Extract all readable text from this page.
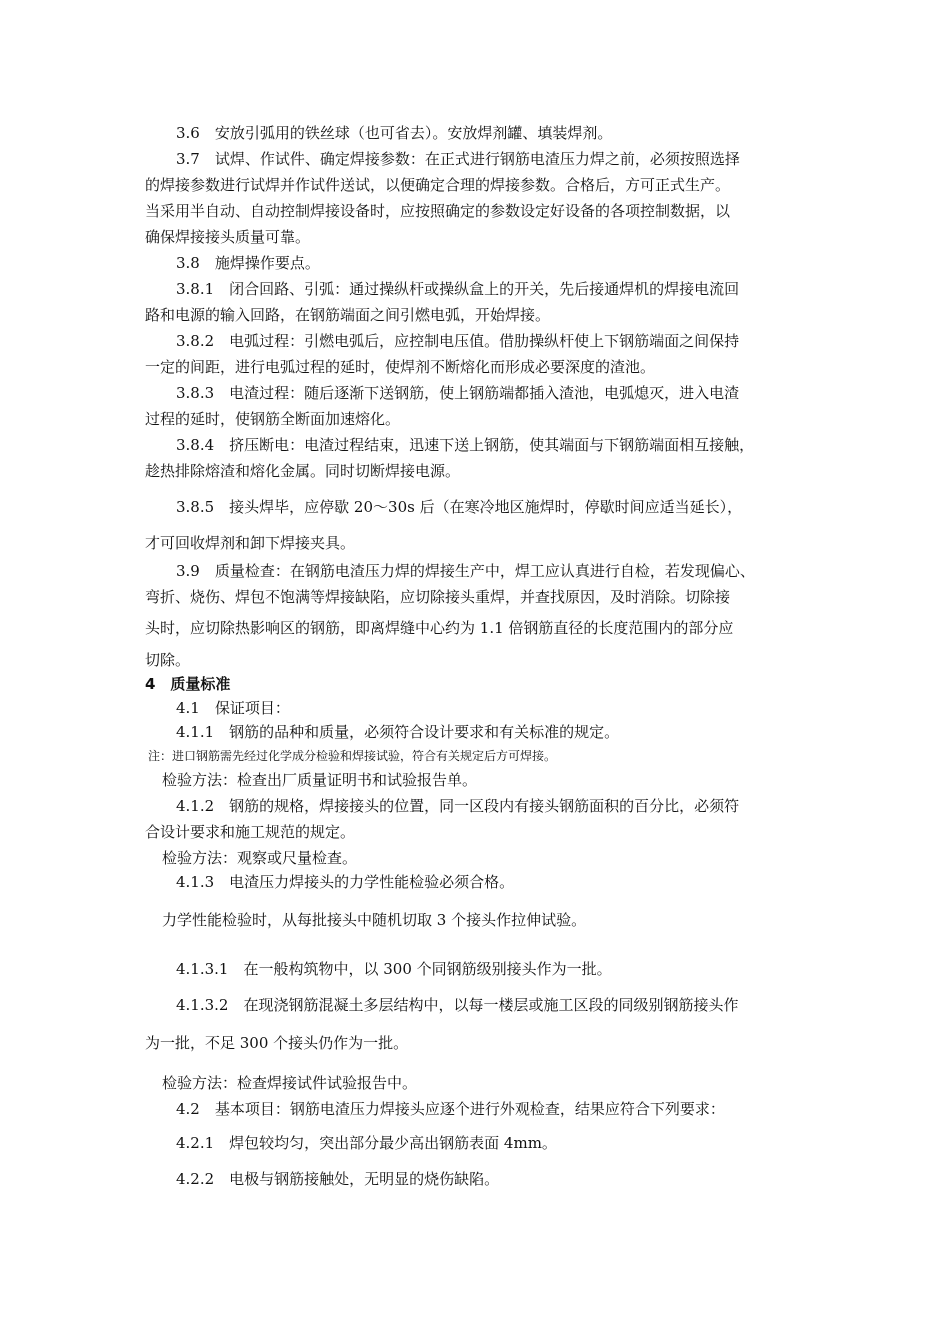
3.6　安放引弧用的铁丝球（也可省去）。安放焊剂罐、填装焊剂。
3.7　试焊、作试件、确定焊接参数：在正式进行钢筋电渣压力焊之前，必须按照选择
的焊接参数进行试焊并作试件送试，以便确定合理的焊接参数。合格后，方可正式生产。
当采用半自动、自动控制焊接设备时，应按照确定的参数设定好设备的各项控制数据，以
确保焊接接头质量可靠。
3.8　施焊操作要点。
3.8.1　闭合回路、引弧：通过操纵杆或操纵盒上的开关，先后接通焊机的焊接电流回
路和电源的输入回路，在钢筋端面之间引燃电弧，开始焊接。
3.8.2　电弧过程：引燃电弧后，应控制电压值。借肋操纵杆使上下钢筋端面之间保持
一定的间距，进行电弧过程的延时，使焊剂不断熔化而形成必要深度的渣池。
3.8.3　电渣过程：随后逐渐下送钢筋，使上钢筋端都插入渣池，电弧熄灭，进入电渣
过程的延时，使钢筋全断面加速熔化。
3.8.4　挤压断电：电渣过程结束，迅速下送上钢筋，使其端面与下钢筋端面相互接触，
趁热排除熔渣和熔化金属。同时切断焊接电源。
3.8.5　接头焊毕，应停歇 20～30s 后（在寒冷地区施焊时，停歇时间应适当延长），
才可回收焊剂和卸下焊接夹具。
3.9　质量检查：在钢筋电渣压力焊的焊接生产中，焊工应认真进行自检，若发现偏心、
弯折、烧伤、焊包不饱满等焊接缺陷，应切除接头重焊，并查找原因，及时消除。切除接
头时，应切除热影响区的钢筋，即离焊缝中心约为 1.1 倍钢筋直径的长度范围内的部分应
切除。
4　质量标准
4.1　保证项目：
4.1.1　钢筋的品种和质量，必须符合设计要求和有关标准的规定。
注：进口钢筋需先经过化学成分检验和焊接试验，符合有关规定后方可焊接。
检验方法：检查出厂质量证明书和试验报告单。
4.1.2　钢筋的规格，焊接接头的位置，同一区段内有接头钢筋面积的百分比，必须符
合设计要求和施工规范的规定。
检验方法：观察或尺量检查。
4.1.3　电渣压力焊接头的力学性能检验必须合格。
力学性能检验时，从每批接头中随机切取 3 个接头作拉伸试验。
4.1.3.1　在一般构筑物中，以 300 个同钢筋级别接头作为一批。
4.1.3.2　在现浇钢筋混凝土多层结构中，以每一楼层或施工区段的同级别钢筋接头作
为一批，不足 300 个接头仍作为一批。
检验方法：检查焊接试件试验报告中。
4.2　基本项目：钢筋电渣压力焊接头应逐个进行外观检查，结果应符合下列要求：
4.2.1　焊包较均匀，突出部分最少高出钢筋表面 4mm。
4.2.2　电极与钢筋接触处，无明显的烧伤缺陷。
